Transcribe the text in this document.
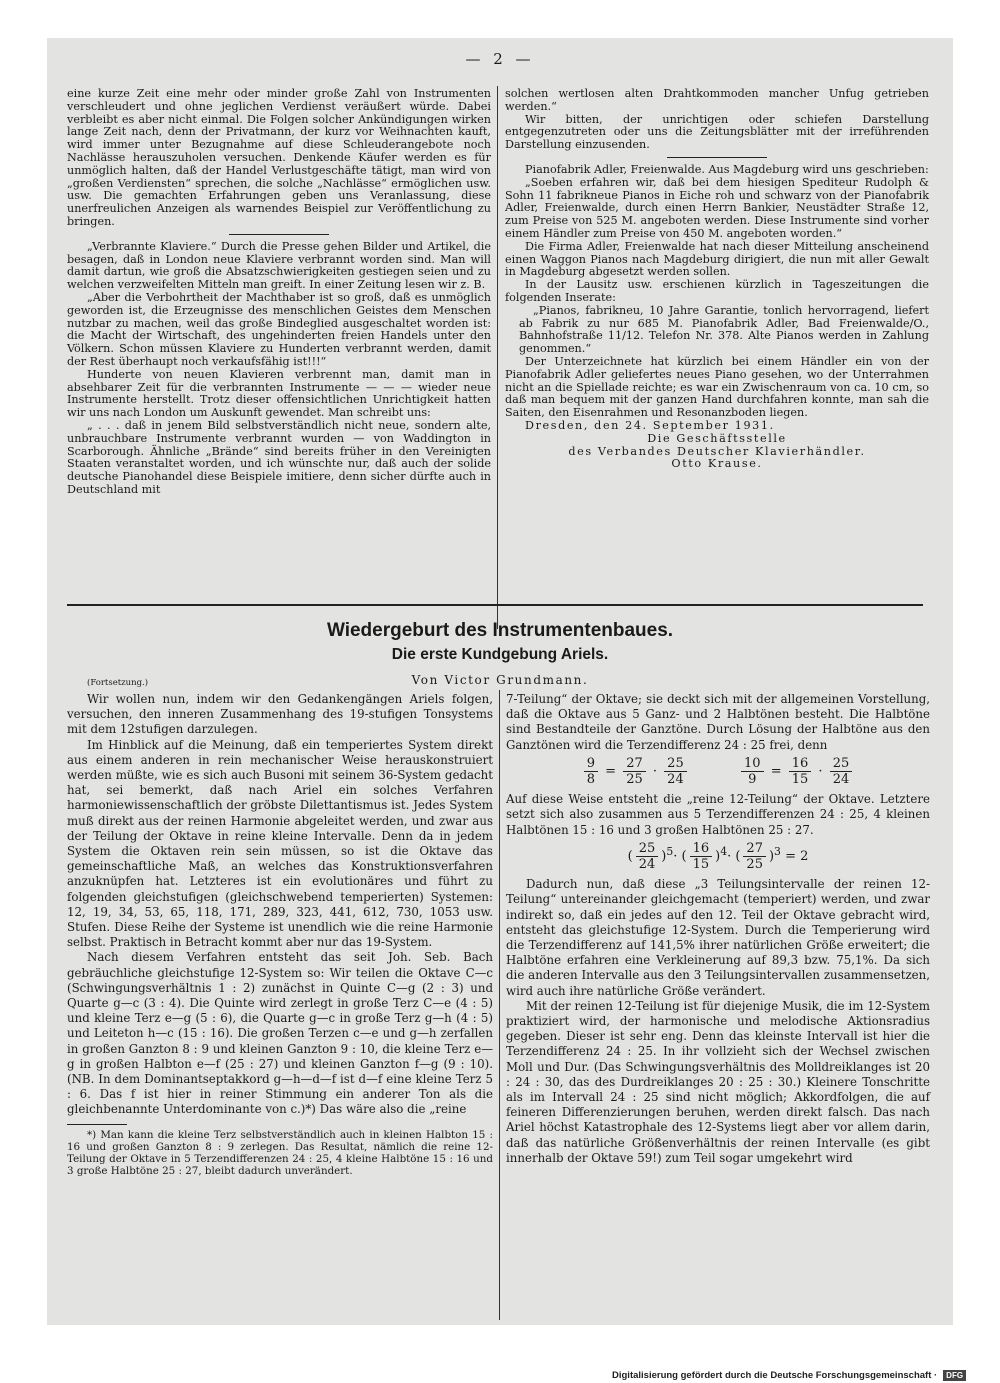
— 2 —

eine kurze Zeit eine mehr oder minder große Zahl von Instrumenten verschleudert und ohne jeglichen Verdienst veräußert würde. Dabei verbleibt es aber nicht einmal. Die Folgen solcher Ankündigungen wirken lange Zeit nach, denn der Privatmann, der kurz vor Weihnachten kauft, wird immer unter Bezugnahme auf diese Schleuderangebote noch Nachlässe herauszuholen versuchen. Denkende Käufer werden es für unmöglich halten, daß der Handel Verlustgeschäfte tätigt, man wird von „großen Verdiensten“ sprechen, die solche „Nachlässe“ ermöglichen usw. usw. Die gemachten Erfahrungen geben uns Veranlassung, diese unerfreulichen Anzeigen als warnendes Beispiel zur Veröffentlichung zu bringen.

„Verbrannte Klaviere.“ Durch die Presse gehen Bilder und Artikel, die besagen, daß in London neue Klaviere verbrannt worden sind. Man will damit dartun, wie groß die Absatzschwierigkeiten gestiegen seien und zu welchen verzweifelten Mitteln man greift. In einer Zeitung lesen wir z. B.

„Aber die Verbohrtheit der Machthaber ist so groß, daß es unmöglich geworden ist, die Erzeugnisse des menschlichen Geistes dem Menschen nutzbar zu machen, weil das große Bindeglied ausgeschaltet worden ist: die Macht der Wirtschaft, des ungehinderten freien Handels unter den Völkern. Schon müssen Klaviere zu Hunderten verbrannt werden, damit der Rest überhaupt noch verkaufsfähig ist!!!“

Hunderte von neuen Klavieren verbrennt man, damit man in absehbarer Zeit für die verbrannten Instrumente — — — wieder neue Instrumente herstellt. Trotz dieser offensichtlichen Unrichtigkeit hatten wir uns nach London um Auskunft gewendet. Man schreibt uns:

„ . . . daß in jenem Bild selbstverständlich nicht neue, sondern alte, unbrauchbare Instrumente verbrannt wurden — von Waddington in Scarborough. Ähnliche „Brände“ sind bereits früher in den Vereinigten Staaten veranstaltet worden, und ich wünschte nur, daß auch der solide deutsche Pianohandel diese Beispiele imitiere, denn sicher dürfte auch in Deutschland mit

solchen wertlosen alten Drahtkommoden mancher Unfug getrieben werden.“

Wir bitten, der unrichtigen oder schiefen Darstellung entgegenzutreten oder uns die Zeitungsblätter mit der irreführenden Darstellung einzusenden.

Pianofabrik Adler, Freienwalde. Aus Magdeburg wird uns geschrieben:

„Soeben erfahren wir, daß bei dem hiesigen Spediteur Rudolph & Sohn 11 fabrikneue Pianos in Eiche roh und schwarz von der Pianofabrik Adler, Freienwalde, durch einen Herrn Bankier, Neustädter Straße 12, zum Preise von 525 M. angeboten werden. Diese Instrumente sind vorher einem Händler zum Preise von 450 M. angeboten worden.“

Die Firma Adler, Freienwalde hat nach dieser Mitteilung anscheinend einen Waggon Pianos nach Magdeburg dirigiert, die nun mit aller Gewalt in Magdeburg abgesetzt werden sollen.

In der Lausitz usw. erschienen kürzlich in Tageszeitungen die folgenden Inserate:

„Pianos, fabrikneu, 10 Jahre Garantie, tonlich hervorragend, liefert ab Fabrik zu nur 685 M. Pianofabrik Adler, Bad Freienwalde/O., Bahnhofstraße 11/12. Telefon Nr. 378. Alte Pianos werden in Zahlung genommen.“

Der Unterzeichnete hat kürzlich bei einem Händler ein von der Pianofabrik Adler geliefertes neues Piano gesehen, wo der Unterrahmen nicht an die Spiellade reichte; es war ein Zwischenraum von ca. 10 cm, so daß man bequem mit der ganzen Hand durchfahren konnte, man sah die Saiten, den Eisenrahmen und Resonanzboden liegen.

Dresden, den 24. September 1931.

Die Geschäftsstelle

des Verbandes Deutscher Klavierhändler.

Otto Krause.

Wiedergeburt des Instrumentenbaues.
Die erste Kundgebung Ariels.
(Fortsetzung.)	Von Victor Grundmann.

Wir wollen nun, indem wir den Gedankengängen Ariels folgen, versuchen, den inneren Zusammenhang des 19-stufigen Tonsystems mit dem 12stufigen darzulegen.

Im Hinblick auf die Meinung, daß ein temperiertes System direkt aus einem anderen in rein mechanischer Weise herauskonstruiert werden müßte, wie es sich auch Busoni mit seinem 36-System gedacht hat, sei bemerkt, daß nach Ariel ein solches Verfahren harmoniewissenschaftlich der gröbste Dilettantismus ist. Jedes System muß direkt aus der reinen Harmonie abgeleitet werden, und zwar aus der Teilung der Oktave in reine kleine Intervalle. Denn da in jedem System die Oktaven rein sein müssen, so ist die Oktave das gemeinschaftliche Maß, an welches das Konstruktionsverfahren anzuknüpfen hat. Letzteres ist ein evolutionäres und führt zu folgenden gleichstufigen (gleichschwebend temperierten) Systemen: 12, 19, 34, 53, 65, 118, 171, 289, 323, 441, 612, 730, 1053 usw. Stufen. Diese Reihe der Systeme ist unendlich wie die reine Harmonie selbst. Praktisch in Betracht kommt aber nur das 19-System.

Nach diesem Verfahren entsteht das seit Joh. Seb. Bach gebräuchliche gleichstufige 12-System so: Wir teilen die Oktave C—c (Schwingungsverhältnis 1 : 2) zunächst in Quinte C—g (2 : 3) und Quarte g—c (3 : 4). Die Quinte wird zerlegt in große Terz C—e (4 : 5) und kleine Terz e—g (5 : 6), die Quarte g—c in große Terz g—h (4 : 5) und Leiteton h—c (15 : 16). Die großen Terzen c—e und g—h zerfallen in großen Ganzton 8 : 9 und kleinen Ganzton 9 : 10, die kleine Terz e—g in großen Halbton e—f (25 : 27) und kleinen Ganzton f—g (9 : 10). (NB. In dem Dominantseptakkord g—h—d—f ist d—f eine kleine Terz 5 : 6. Das f ist hier in reiner Stimmung ein anderer Ton als die gleichbenannte Unterdominante von c.)*) Das wäre also die „reine

*) Man kann die kleine Terz selbstverständlich auch in kleinen Halbton 15 : 16 und großen Ganzton 8 : 9 zerlegen. Das Resultat, nämlich die reine 12-Teilung der Oktave in 5 Terzendifferenzen 24 : 25, 4 kleine Halbtöne 15 : 16 und 3 große Halbtöne 25 : 27, bleibt dadurch unverändert.

7-Teilung“ der Oktave; sie deckt sich mit der allgemeinen Vorstellung, daß die Oktave aus 5 Ganz- und 2 Halbtönen besteht. Die Halbtöne sind Bestandteile der Ganztöne. Durch Lösung der Halbtöne aus den Ganztönen wird die Terzendifferenz 24 : 25 frei, denn

$\frac{9}{8} = \frac{27}{25} \cdot \frac{25}{24}$
	$\frac{10}{9} = \frac{16}{15} \cdot \frac{25}{24}$

Auf diese Weise entsteht die „reine 12-Teilung“ der Oktave. Letztere setzt sich also zusammen aus 5 Terzendifferenzen 24 : 25, 4 kleinen Halbtönen 15 : 16 und 3 großen Halbtönen 25 : 27.

( $\frac{25}{24} )^5\cdot$ ( $\frac{16}{15} )^4\cdot$ ( $\frac{27}{25} )^3 = 2$

Dadurch nun, daß diese „3 Teilungsintervalle der reinen 12-Teilung“ untereinander gleichgemacht (temperiert) werden, und zwar indirekt so, daß ein jedes auf den 12. Teil der Oktave gebracht wird, entsteht das gleichstufige 12-System. Durch die Temperierung wird die Terzendifferenz auf 141,5% ihrer natürlichen Größe erweitert; die Halbtöne erfahren eine Verkleinerung auf 89,3 bzw. 75,1%. Da sich die anderen Intervalle aus den 3 Teilungsintervallen zusammensetzen, wird auch ihre natürliche Größe verändert.

Mit der reinen 12-Teilung ist für diejenige Musik, die im 12-System praktiziert wird, der harmonische und melodische Aktionsradius gegeben. Dieser ist sehr eng. Denn das kleinste Intervall ist hier die Terzendifferenz 24 : 25. In ihr vollzieht sich der Wechsel zwischen Moll und Dur. (Das Schwingungsverhältnis des Molldreiklanges ist 20 : 24 : 30, das des Durdreiklanges 20 : 25 : 30.) Kleinere Tonschritte als im Intervall 24 : 25 sind nicht möglich; Akkordfolgen, die auf feineren Differenzierungen beruhen, werden direkt falsch. Das nach Ariel höchst Katastrophale des 12-Systems liegt aber vor allem darin, daß das natürliche Größenverhältnis der reinen Intervalle (es gibt innerhalb der Oktave 59!) zum Teil sogar umgekehrt wird

Digitalisierung gefördert durch die Deutsche Forschungsgemeinschaft · DFG
